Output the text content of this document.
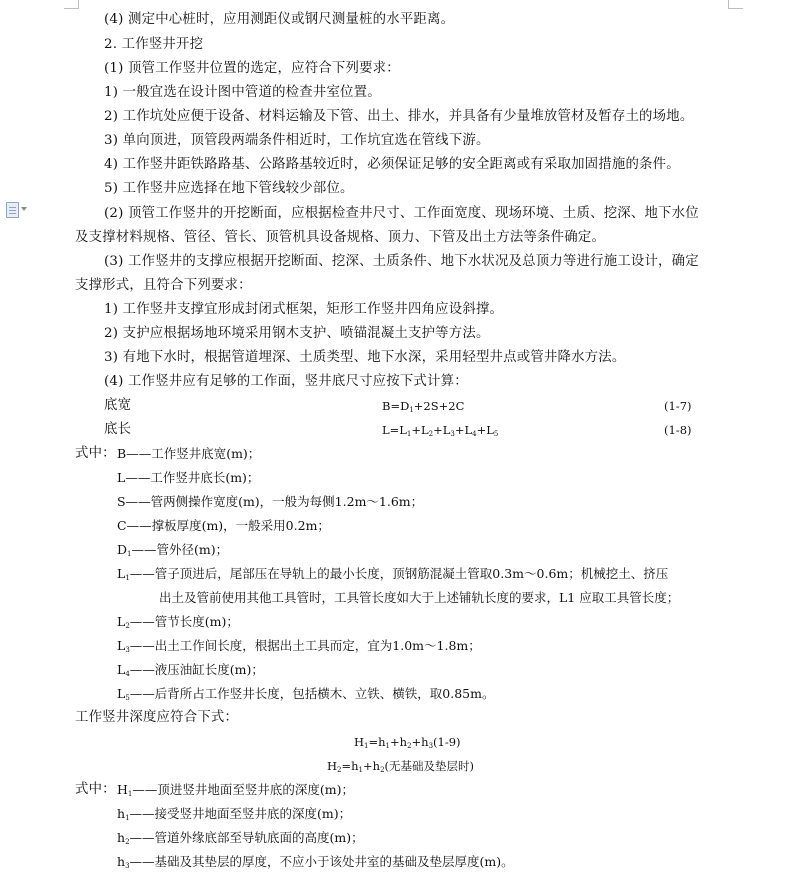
(4) 测定中心桩时，应用测距仪或钢尺测量桩的水平距离。
2. 工作竖井开挖
(1) 顶管工作竖井位置的选定，应符合下列要求：
1) 一般宜选在设计图中管道的检查井室位置。
2) 工作坑处应便于设备、材料运输及下管、出土、排水，并具备有少量堆放管材及暂存土的场地。
3) 单向顶进，顶管段两端条件相近时，工作坑宜选在管线下游。
4) 工作竖井距铁路路基、公路路基较近时，必须保证足够的安全距离或有采取加固措施的条件。
5) 工作竖井应选择在地下管线较少部位。
(2) 顶管工作竖井的开挖断面，应根据检查井尺寸、工作面宽度、现场环境、土质、挖深、地下水位
及支撑材料规格、管径、管长、顶管机具设备规格、顶力、下管及出土方法等条件确定。
(3) 工作竖井的支撑应根据开挖断面、挖深、土质条件、地下水状况及总顶力等进行施工设计，确定
支撑形式，且符合下列要求：
1) 工作竖井支撑宜形成封闭式框架，矩形工作竖井四角应设斜撑。
2) 支护应根据场地环境采用钢木支护、喷锚混凝土支护等方法。
3) 有地下水时，根据管道埋深、土质类型、地下水深，采用轻型井点或管井降水方法。
(4) 工作竖井应有足够的工作面，竖井底尺寸应按下式计算：
底宽	$B=D_1+2S+2C$	(1-7)
底长	$L=L_1+L_2+L_3+L_4+L_5$	(1-8)
式中： B——工作竖井底宽(m)；
L——工作竖井底长(m)；
S——管两侧操作宽度(m)，一般为每侧1.2m～1.6m；
C——撑板厚度(m)，一般采用0.2m；
$D_1——$管外径(m)；
$L_1——$管子顶进后，尾部压在导轨上的最小长度，顶钢筋混凝土管取0.3m～0.6m；机械挖土、挤压
出土及管前使用其他工具管时，工具管长度如大于上述铺轨长度的要求，L1 应取工具管长度；
$L_2——$管节长度(m)；
$L_3——$出土工作间长度，根据出土工具而定，宜为1.0m～1.8m；
$L_4——$液压油缸长度(m)；
$L_5——$后背所占工作竖井长度，包括横木、立铁、横铁，取0.85m。
工作竖井深度应符合下式：
$H_1=h_1+h_2+h_3(1-9)$
$H_2=h_1+h_2$(无基础及垫层时)
式中： $H_1——$顶进竖井地面至竖井底的深度(m)；
$h_1——$接受竖井地面至竖井底的深度(m)；
$h_2——$管道外缘底部至导轨底面的高度(m)；
$h_3——$基础及其垫层的厚度，不应小于该处井室的基础及垫层厚度(m)。
